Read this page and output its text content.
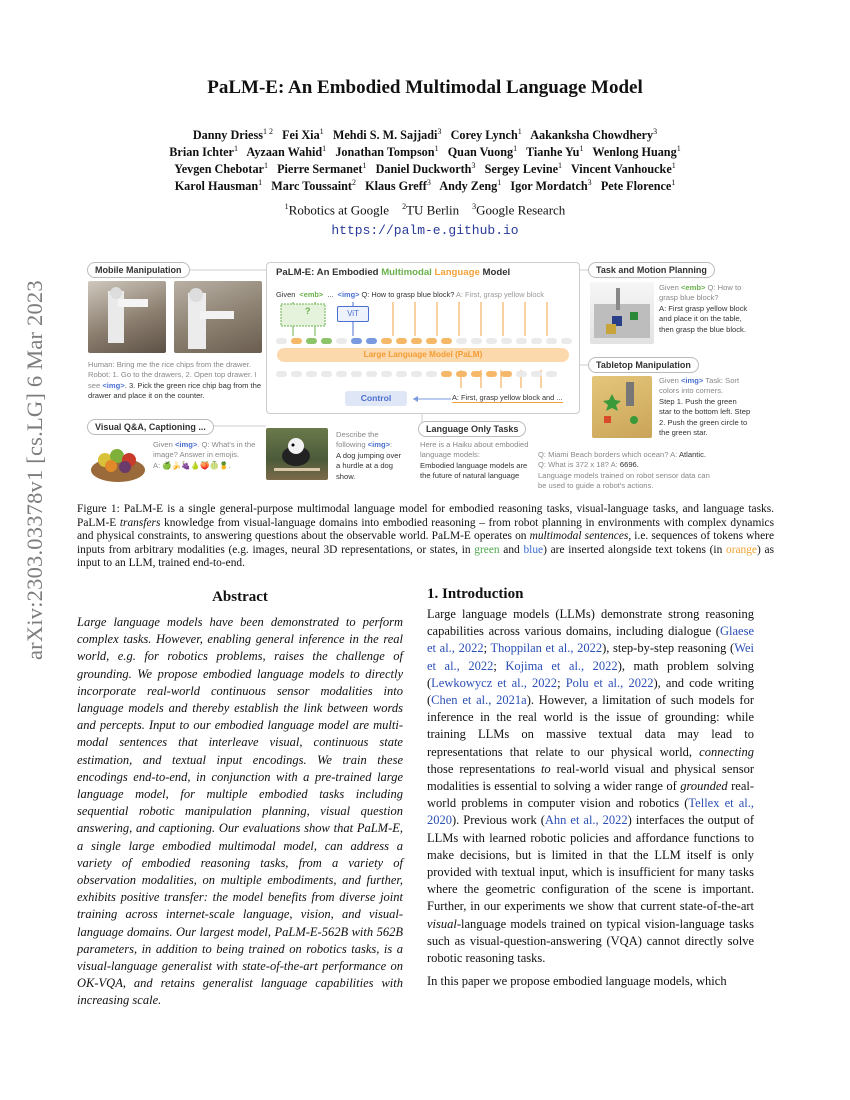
PaLM-E: An Embodied Multimodal Language Model
Danny Driess$^{1 2}$ Fei Xia$^1$ Mehdi S. M. Sajjadi$^3$ Corey Lynch$^1$ Aakanksha Chowdhery$^3$
Brian Ichter$^1$ Ayzaan Wahid$^1$ Jonathan Tompson$^1$ Quan Vuong$^1$ Tianhe Yu$^1$ Wenlong Huang$^1$
Yevgen Chebotar$^1$ Pierre Sermanet$^1$ Daniel Duckworth$^3$ Sergey Levine$^1$ Vincent Vanhoucke$^1$
Karol Hausman$^1$ Marc Toussaint$^2$ Klaus Greff$^3$ Andy Zeng$^1$ Igor Mordatch$^3$ Pete Florence$^1$
$^1$Robotics at Google $^2$TU Berlin $^3$Google Research
https://palm-e.github.io
arXiv:2303.03378v1 [cs.LG] 6 Mar 2023
Mobile Manipulation
Human: Bring me the rice chips from the drawer. Robot: 1. Go to the drawers, 2. Open top drawer. I see <img>. 3. Pick the green rice chip bag from the drawer and place it on the counter.
Visual Q&A, Captioning ...
Given <img>. Q: What's in the image? Answer in emojis.
A: 🍏🍌🍇🍐🍑🍈🍍.
Describe the following <img>:
A dog jumping over a hurdle at a dog show.
PaLM-E: An Embodied Multimodal Language Model
Given <emb> ... <img> Q: How to grasp blue block? A: First, grasp yellow block
?	ViT
Large Language Model (PaLM)
Control	A: First, grasp yellow block and ...
Language Only Tasks
Here is a Haiku about embodied language models:
Embodied language models are the future of natural language
Q: Miami Beach borders which ocean? A: Atlantic.
Q: What is 372 x 18? A: 6696.
Language models trained on robot sensor data can be used to guide a robot's actions.
Task and Motion Planning
Given <emb> Q: How to grasp blue block?
A: First grasp yellow block and place it on the table, then grasp the blue block.
Tabletop Manipulation
Given <img> Task: Sort colors into corners.
Step 1. Push the green star to the bottom left. Step 2. Push the green circle to the green star.
Figure 1: PaLM-E is a single general-purpose multimodal language model for embodied reasoning tasks, visual-language tasks, and language tasks. PaLM-E transfers knowledge from visual-language domains into embodied reasoning – from robot planning in environments with complex dynamics and physical constraints, to answering questions about the observable world. PaLM-E operates on multimodal sentences, i.e. sequences of tokens where inputs from arbitrary modalities (e.g. images, neural 3D representations, or states, in green and blue) are inserted alongside text tokens (in orange) as input to an LLM, trained end-to-end.
Abstract
Large language models have been demonstrated to perform complex tasks. However, enabling general inference in the real world, e.g. for robotics problems, raises the challenge of grounding. We propose embodied language models to directly incorporate real-world continuous sensor modalities into language models and thereby establish the link between words and percepts. Input to our embodied language model are multi-modal sentences that interleave visual, continuous state estimation, and textual input encodings. We train these encodings end-to-end, in conjunction with a pre-trained large language model, for multiple embodied tasks including sequential robotic manipulation planning, visual question answering, and captioning. Our evaluations show that PaLM-E, a single large embodied multimodal model, can address a variety of embodied reasoning tasks, from a variety of observation modalities, on multiple embodiments, and further, exhibits positive transfer: the model benefits from diverse joint training across internet-scale language, vision, and visual-language domains. Our largest model, PaLM-E-562B with 562B parameters, in addition to being trained on robotics tasks, is a visual-language generalist with state-of-the-art performance on OK-VQA, and retains generalist language capabilities with increasing scale.
1. Introduction
Large language models (LLMs) demonstrate strong reasoning capabilities across various domains, including dialogue (Glaese et al., 2022; Thoppilan et al., 2022), step-by-step reasoning (Wei et al., 2022; Kojima et al., 2022), math problem solving (Lewkowycz et al., 2022; Polu et al., 2022), and code writing (Chen et al., 2021a). However, a limitation of such models for inference in the real world is the issue of grounding: while training LLMs on massive textual data may lead to representations that relate to our physical world, connecting those representations to real-world visual and physical sensor modalities is essential to solving a wider range of grounded real-world problems in computer vision and robotics (Tellex et al., 2020). Previous work (Ahn et al., 2022) interfaces the output of LLMs with learned robotic policies and affordance functions to make decisions, but is limited in that the LLM itself is only provided with textual input, which is insufficient for many tasks where the geometric configuration of the scene is important. Further, in our experiments we show that current state-of-the-art visual-language models trained on typical vision-language tasks such as visual-question-answering (VQA) cannot directly solve robotic reasoning tasks.
In this paper we propose embodied language models, which
